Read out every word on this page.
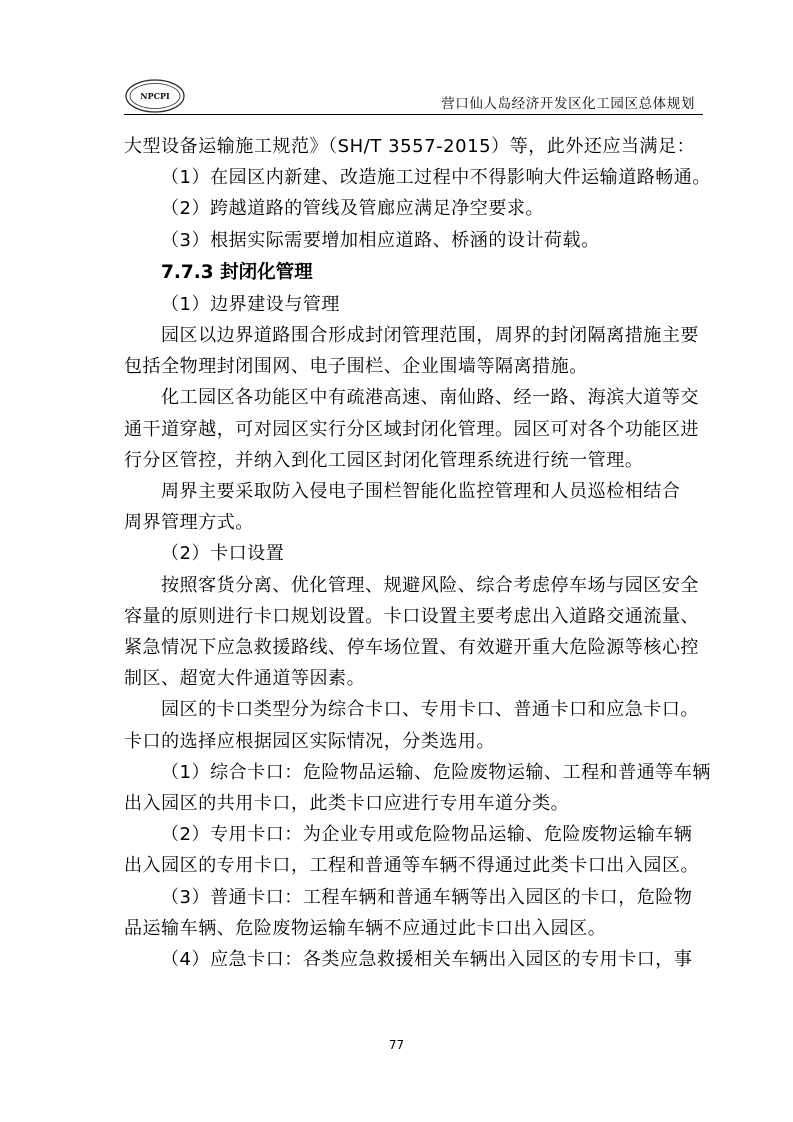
NPCPI	营口仙人岛经济开发区化工园区总体规划

大型设备运输施工规范》（SH/T 3557-2015）等，此外还应当满足：

（1）在园区内新建、改造施工过程中不得影响大件运输道路畅通。

（2）跨越道路的管线及管廊应满足净空要求。

（3）根据实际需要增加相应道路、桥涵的设计荷载。

7.7.3 封闭化管理

（1）边界建设与管理

园区以边界道路围合形成封闭管理范围，周界的封闭隔离措施主要

包括全物理封闭围网、电子围栏、企业围墙等隔离措施。

化工园区各功能区中有疏港高速、南仙路、经一路、海滨大道等交

通干道穿越，可对园区实行分区域封闭化管理。园区可对各个功能区进

行分区管控，并纳入到化工园区封闭化管理系统进行统一管理。

周界主要采取防入侵电子围栏智能化监控管理和人员巡检相结合

周界管理方式。

（2）卡口设置

按照客货分离、优化管理、规避风险、综合考虑停车场与园区安全

容量的原则进行卡口规划设置。卡口设置主要考虑出入道路交通流量、

紧急情况下应急救援路线、停车场位置、有效避开重大危险源等核心控

制区、超宽大件通道等因素。

园区的卡口类型分为综合卡口、专用卡口、普通卡口和应急卡口。

卡口的选择应根据园区实际情况，分类选用。

（1）综合卡口：危险物品运输、危险废物运输、工程和普通等车辆

出入园区的共用卡口，此类卡口应进行专用车道分类。

（2）专用卡口：为企业专用或危险物品运输、危险废物运输车辆

出入园区的专用卡口，工程和普通等车辆不得通过此类卡口出入园区。

（3）普通卡口：工程车辆和普通车辆等出入园区的卡口，危险物

品运输车辆、危险废物运输车辆不应通过此卡口出入园区。

（4）应急卡口：各类应急救援相关车辆出入园区的专用卡口，事

77
